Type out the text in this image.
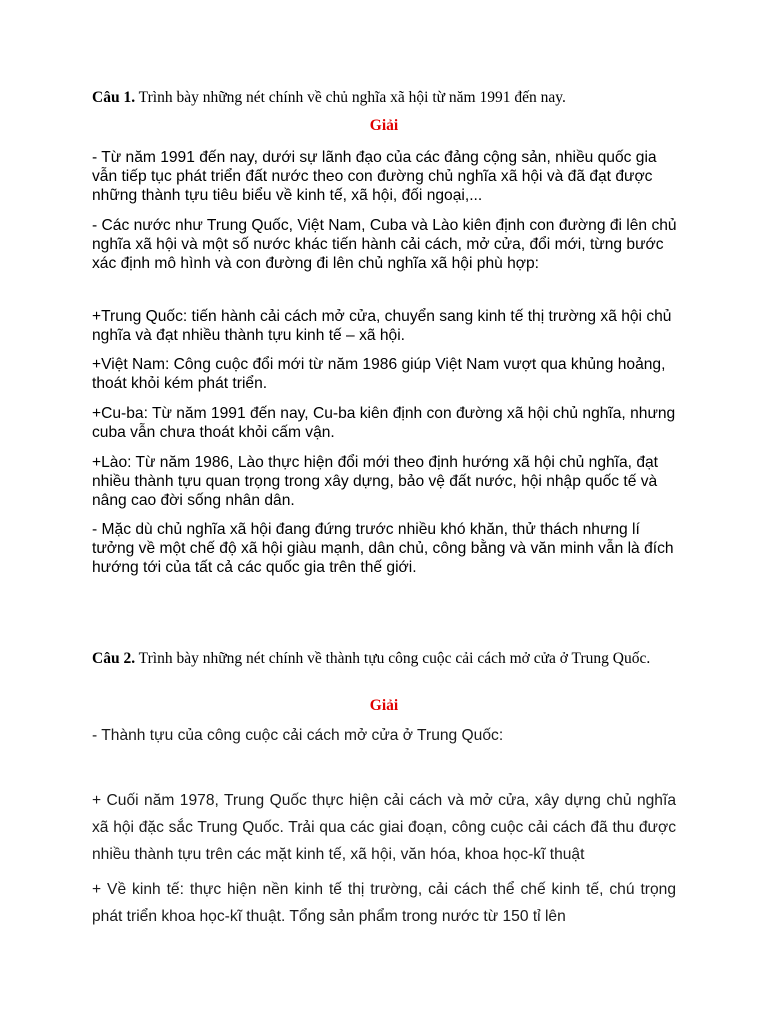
Câu 1. Trình bày những nét chính về chủ nghĩa xã hội từ năm 1991 đến nay.

Giải

- Từ năm 1991 đến nay, dưới sự lãnh đạo của các đảng cộng sản, nhiều quốc gia vẫn tiếp tục phát triển đất nước theo con đường chủ nghĩa xã hội và đã đạt được những thành tựu tiêu biểu về kinh tế, xã hội, đối ngoại,...

- Các nước như Trung Quốc, Việt Nam, Cuba và Lào kiên định con đường đi lên chủ nghĩa xã hội và một số nước khác tiến hành cải cách, mở cửa, đổi mới, từng bước xác định mô hình và con đường đi lên chủ nghĩa xã hội phù hợp:

+Trung Quốc: tiến hành cải cách mở cửa, chuyển sang kinh tế thị trường xã hội chủ nghĩa và đạt nhiều thành tựu kinh tế – xã hội.

+Việt Nam: Công cuộc đổi mới từ năm 1986 giúp Việt Nam vượt qua khủng hoảng, thoát khỏi kém phát triển.

+Cu-ba: Từ năm 1991 đến nay, Cu-ba kiên định con đường xã hội chủ nghĩa, nhưng cuba vẫn chưa thoát khỏi cấm vận.

+Lào: Từ năm 1986, Lào thực hiện đổi mới theo định hướng xã hội chủ nghĩa, đạt nhiều thành tựu quan trọng trong xây dựng, bảo vệ đất nước, hội nhập quốc tế và nâng cao đời sống nhân dân.

- Mặc dù chủ nghĩa xã hội đang đứng trước nhiều khó khăn, thử thách nhưng lí tưởng về một chế độ xã hội giàu mạnh, dân chủ, công bằng và văn minh vẫn là đích hướng tới của tất cả các quốc gia trên thế giới.

Câu 2. Trình bày những nét chính về thành tựu công cuộc cải cách mở cửa ở Trung Quốc.

Giải

- Thành tựu của công cuộc cải cách mở cửa ở Trung Quốc:

+ Cuối năm 1978, Trung Quốc thực hiện cải cách và mở cửa, xây dựng chủ nghĩa xã hội đặc sắc Trung Quốc. Trải qua các giai đoạn, công cuộc cải cách đã thu được nhiều thành tựu trên các mặt kinh tế, xã hội, văn hóa, khoa học-kĩ thuật

+ Về kinh tế: thực hiện nền kinh tế thị trường, cải cách thể chế kinh tế, chú trọng phát triển khoa học-kĩ thuật. Tổng sản phẩm trong nước từ 150 tỉ lên
